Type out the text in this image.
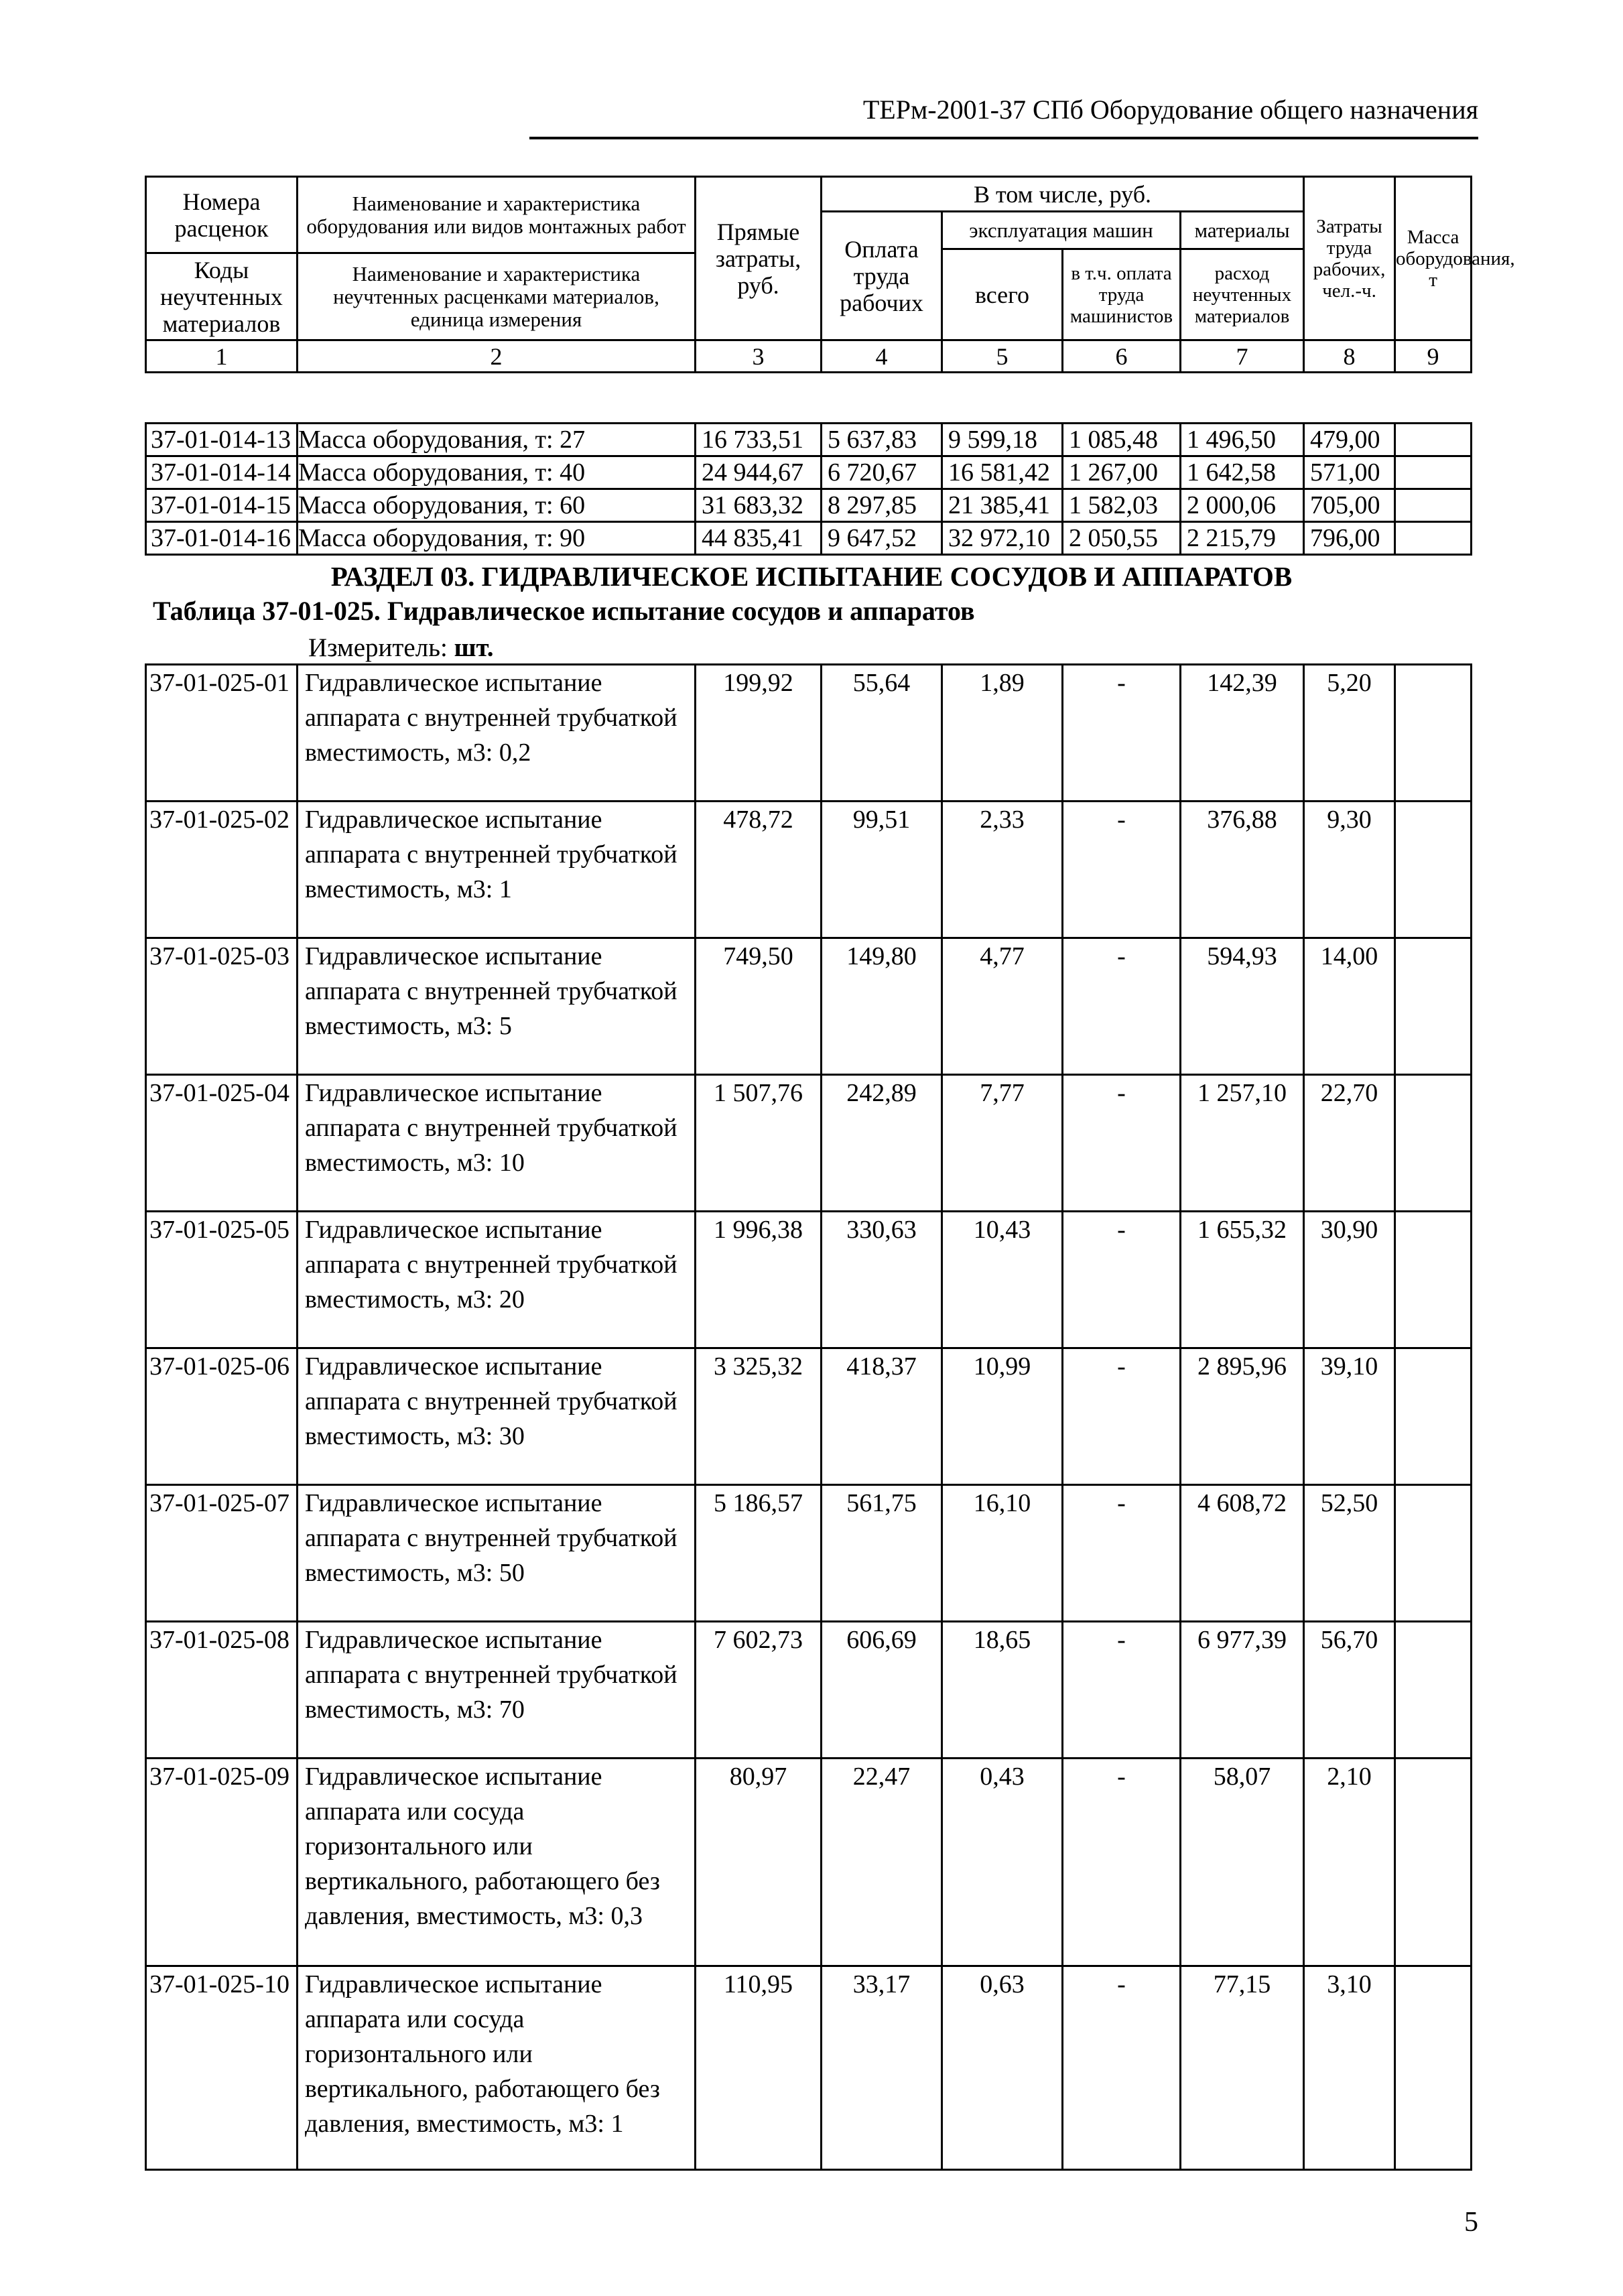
ТЕРм-2001-37 СПб Оборудование общего назначения
Номера расценок	Наименование и характеристика оборудования или видов монтажных работ	Прямые затраты, руб.	В том числе, руб.				Затраты труда рабочих, чел.-ч.	Масса оборудования, т
			Оплата труда рабочих	эксплуатация машин		материалы		
				всего	в т.ч. оплата труда машинистов	расход неучтенных материалов		
Коды неучтенных материалов	Наименование и характеристика неучтенных расценками материалов, единица измерения							

1	2	3	4	5	6	7	8	9
37-01-014-13	Масса оборудования, т: 27	16 733,51	5 637,83	9 599,18	1 085,48	1 496,50	479,00	
37-01-014-14	Масса оборудования, т: 40	24 944,67	6 720,67	16 581,42	1 267,00	1 642,58	571,00	
37-01-014-15	Масса оборудования, т: 60	31 683,32	8 297,85	21 385,41	1 582,03	2 000,06	705,00	
37-01-014-16	Масса оборудования, т: 90	44 835,41	9 647,52	32 972,10	2 050,55	2 215,79	796,00	
РАЗДЕЛ 03. ГИДРАВЛИЧЕСКОЕ ИСПЫТАНИЕ СОСУДОВ И АППАРАТОВ
Таблица 37-01-025. Гидравлическое испытание сосудов и аппаратов
Измеритель: шт.
37-01-025-01	Гидравлическое испытание аппарата с внутренней трубчаткой вместимость, м3: 0,2	199,92	55,64	1,89	-	142,39	5,20	
37-01-025-02	Гидравлическое испытание аппарата с внутренней трубчаткой вместимость, м3: 1	478,72	99,51	2,33	-	376,88	9,30	
37-01-025-03	Гидравлическое испытание аппарата с внутренней трубчаткой вместимость, м3: 5	749,50	149,80	4,77	-	594,93	14,00	
37-01-025-04	Гидравлическое испытание аппарата с внутренней трубчаткой вместимость, м3: 10	1 507,76	242,89	7,77	-	1 257,10	22,70	
37-01-025-05	Гидравлическое испытание аппарата с внутренней трубчаткой вместимость, м3: 20	1 996,38	330,63	10,43	-	1 655,32	30,90	
37-01-025-06	Гидравлическое испытание аппарата с внутренней трубчаткой вместимость, м3: 30	3 325,32	418,37	10,99	-	2 895,96	39,10	
37-01-025-07	Гидравлическое испытание аппарата с внутренней трубчаткой вместимость, м3: 50	5 186,57	561,75	16,10	-	4 608,72	52,50	
37-01-025-08	Гидравлическое испытание аппарата с внутренней трубчаткой вместимость, м3: 70	7 602,73	606,69	18,65	-	6 977,39	56,70	
37-01-025-09	Гидравлическое испытание аппарата или сосуда горизонтального или вертикального, работающего без давления, вместимость, м3: 0,3	80,97	22,47	0,43	-	58,07	2,10	
37-01-025-10	Гидравлическое испытание аппарата или сосуда горизонтального или вертикального, работающего без давления, вместимость, м3: 1	110,95	33,17	0,63	-	77,15	3,10	
5
